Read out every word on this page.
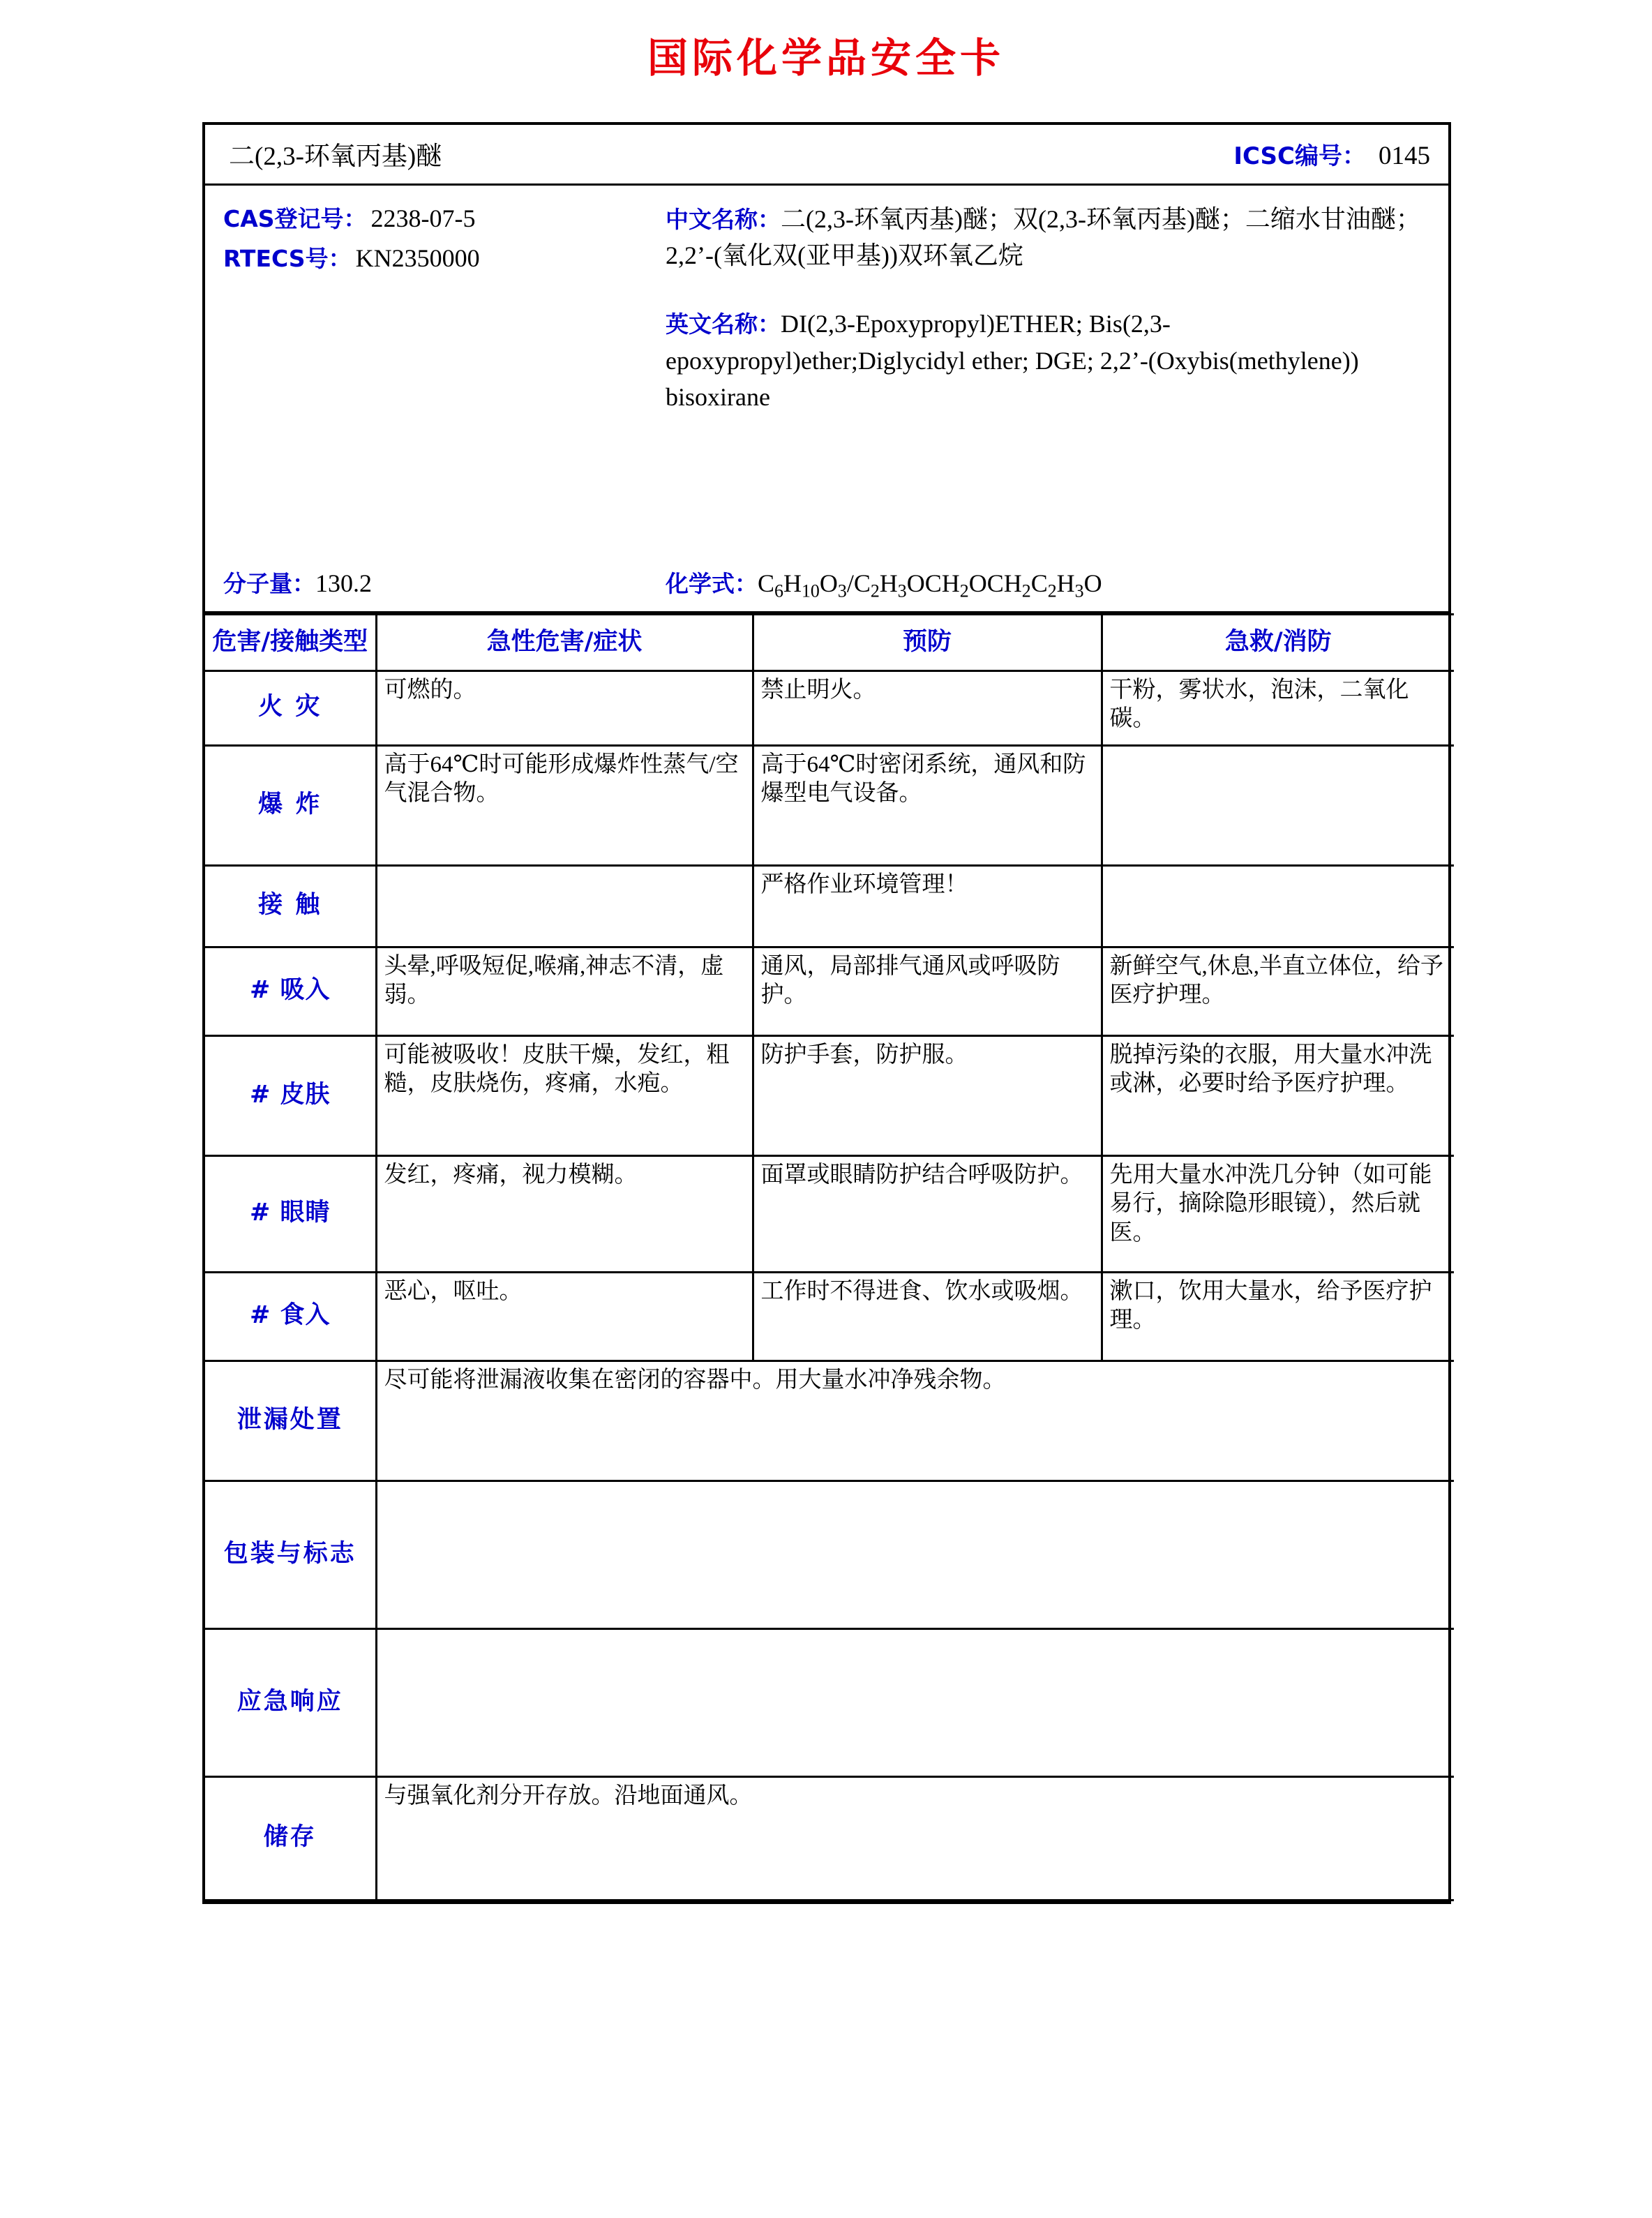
国际化学品安全卡
二(2,3-环氧丙基)醚	ICSC编号： 0145
CAS登记号： 2238-07-5
RTECS号： KN2350000
中文名称：二(2,3-环氧丙基)醚；双(2,3-环氧丙基)醚；二缩水甘油醚；2,2’-(氧化双(亚甲基))双环氧乙烷
英文名称：DI(2,3-Epoxypropyl)ETHER; Bis(2,3-epoxypropyl)ether;Diglycidyl ether; DGE; 2,2’-(Oxybis(methylene)) bisoxirane
分子量：130.2	化学式：$C_6H_{10}O_3/C_2H_3OCH_2OCH_2C_2H_3O$
危害/接触类型	急性危害/症状	预防	急救/消防
火 灾	可燃的。	禁止明火。	干粉，雾状水，泡沫，二氧化碳。
爆 炸	高于64℃时可能形成爆炸性蒸气/空气混合物。	高于64℃时密闭系统，通风和防爆型电气设备。	
接 触		严格作业环境管理！	
# 吸入	头晕,呼吸短促,喉痛,神志不清，虚弱。	通风，局部排气通风或呼吸防护。	新鲜空气,休息,半直立体位，给予医疗护理。
# 皮肤	可能被吸收！皮肤干燥，发红，粗糙，皮肤烧伤，疼痛，水疱。	防护手套，防护服。	脱掉污染的衣服，用大量水冲洗或淋，必要时给予医疗护理。
# 眼睛	发红，疼痛，视力模糊。	面罩或眼睛防护结合呼吸防护。	先用大量水冲洗几分钟（如可能易行，摘除隐形眼镜），然后就医。
# 食入	恶心，呕吐。	工作时不得进食、饮水或吸烟。	漱口，饮用大量水，给予医疗护理。
泄漏处置	尽可能将泄漏液收集在密闭的容器中。用大量水冲净残余物。		
包装与标志			
应急响应			
储存	与强氧化剂分开存放。沿地面通风。		
